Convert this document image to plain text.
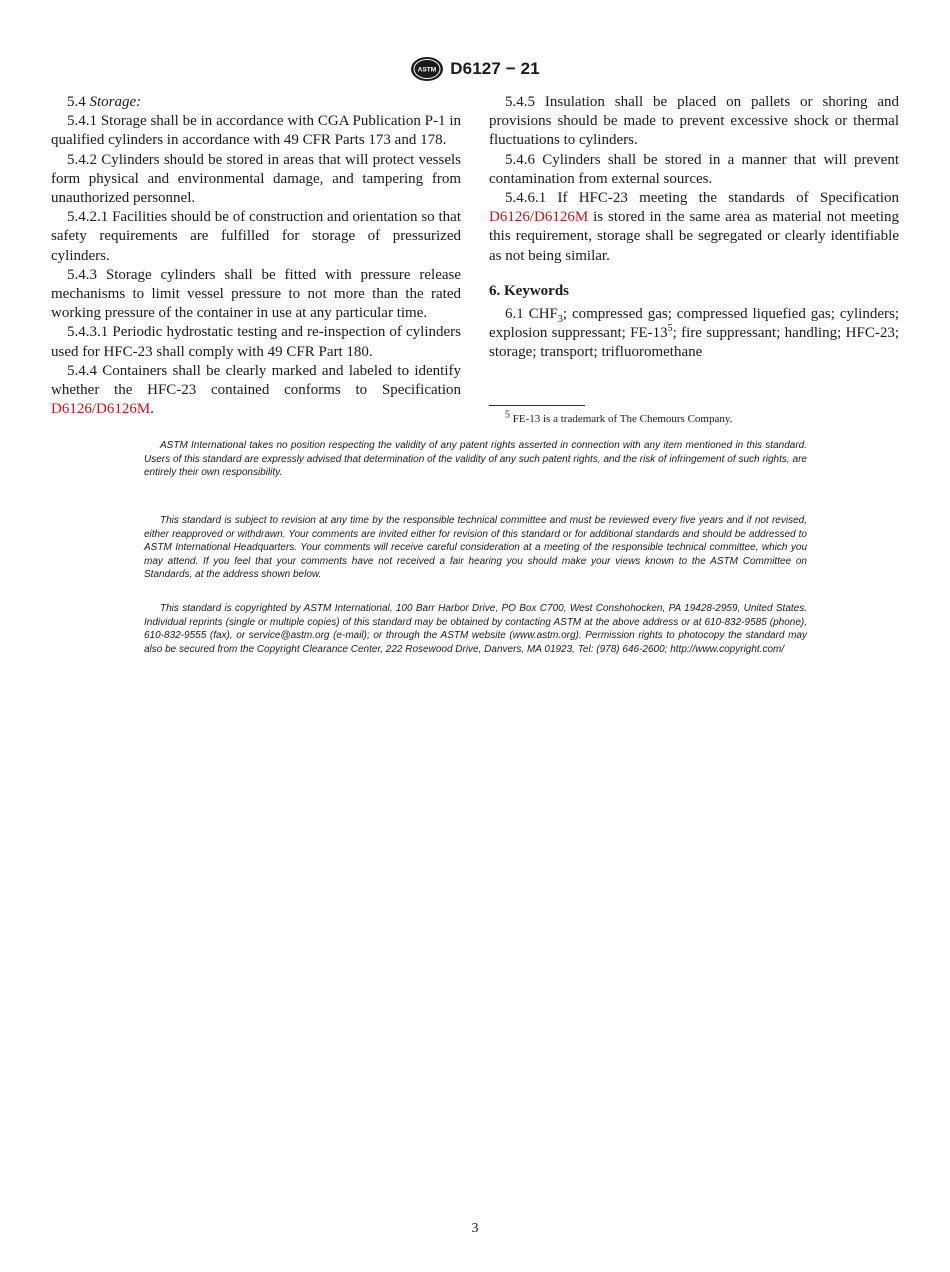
ASTM D6127 − 21

5.4 Storage:

5.4.1 Storage shall be in accordance with CGA Publication P-1 in qualified cylinders in accordance with 49 CFR Parts 173 and 178.

5.4.2 Cylinders should be stored in areas that will protect vessels form physical and environmental damage, and tampering from unauthorized personnel.

5.4.2.1 Facilities should be of construction and orientation so that safety requirements are fulfilled for storage of pressurized cylinders.

5.4.3 Storage cylinders shall be fitted with pressure release mechanisms to limit vessel pressure to not more than the rated working pressure of the container in use at any particular time.

5.4.3.1 Periodic hydrostatic testing and re-inspection of cylinders used for HFC-23 shall comply with 49 CFR Part 180.

5.4.4 Containers shall be clearly marked and labeled to identify whether the HFC-23 contained conforms to Specification D6126/D6126M.

5.4.5 Insulation shall be placed on pallets or shoring and provisions should be made to prevent excessive shock or thermal fluctuations to cylinders.

5.4.6 Cylinders shall be stored in a manner that will prevent contamination from external sources.

5.4.6.1 If HFC-23 meeting the standards of Specification D6126/D6126M is stored in the same area as material not meeting this requirement, storage shall be segregated or clearly identifiable as not being similar.

6. Keywords

6.1 $CHF_3$; compressed gas; compressed liquefied gas; cylinders; explosion suppressant; $FE-13^5$; fire suppressant; handling; HFC-23; storage; transport; trifluoromethane

$^5$ FE-13 is a trademark of The Chemours Company.

ASTM International takes no position respecting the validity of any patent rights asserted in connection with any item mentioned in this standard. Users of this standard are expressly advised that determination of the validity of any such patent rights, and the risk of infringement of such rights, are entirely their own responsibility.

This standard is subject to revision at any time by the responsible technical committee and must be reviewed every five years and if not revised, either reapproved or withdrawn. Your comments are invited either for revision of this standard or for additional standards and should be addressed to ASTM International Headquarters. Your comments will receive careful consideration at a meeting of the responsible technical committee, which you may attend. If you feel that your comments have not received a fair hearing you should make your views known to the ASTM Committee on Standards, at the address shown below.

This standard is copyrighted by ASTM International, 100 Barr Harbor Drive, PO Box C700, West Conshohocken, PA 19428-2959, United States. Individual reprints (single or multiple copies) of this standard may be obtained by contacting ASTM at the above address or at 610-832-9585 (phone), 610-832-9555 (fax), or service@astm.org (e-mail); or through the ASTM website (www.astm.org). Permission rights to photocopy the standard may also be secured from the Copyright Clearance Center, 222 Rosewood Drive, Danvers, MA 01923, Tel: (978) 646-2600; http://www.copyright.com/

3
